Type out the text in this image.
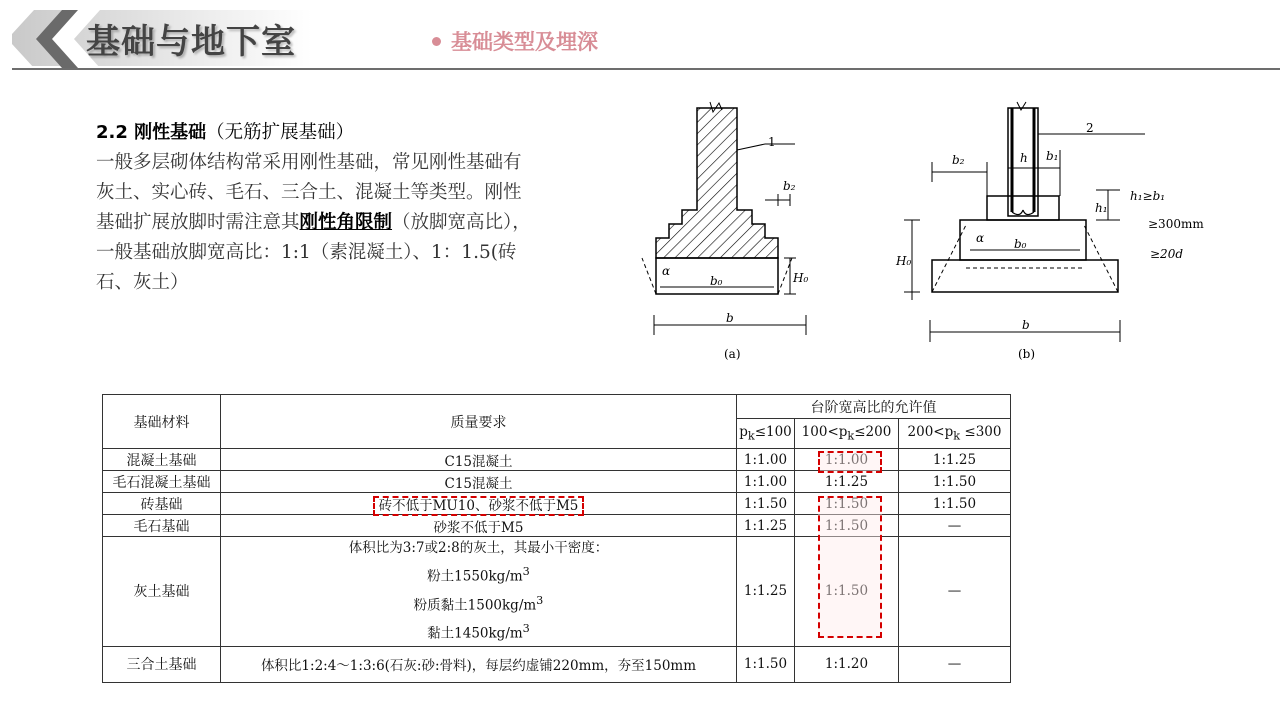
基础与地下室	基础类型及埋深
2.2 刚性基础（无筋扩展基础）
一般多层砌体结构常采用刚性基础，常见刚性基础有
灰土、实心砖、毛石、三合土、混凝土等类型。刚性
基础扩展放脚时需注意其刚性角限制（放脚宽高比），
一般基础放脚宽高比：1:1（素混凝土）、1：1.5(砖
石、灰土）
1
b₂
b₀	H₀
α
b
(a)
2
b₂	h b₁
h₁
b₀
H₀
α
b
(b)
h₁≥b₁
≥300mm
≥20d
基础材料	质量要求	台阶宽高比的允许值		
		$p_k\le 100$	$100<p_k\le 200$	$200<p_k \le 300$
混凝土基础	C15混凝土	1:1.00	1:1.00	1:1.25
毛石混凝土基础	C15混凝土	1:1.00	1:1.25	1:1.50
砖基础	砖不低于MU10、砂浆不低于M5	1:1.50	1:1.50	1:1.50
毛石基础	砂浆不低于M5	1:1.25	1:1.50	—
灰土基础	体积比为3:7或2:8的灰土，其最小干密度：
粉土$1550kg/m^3$
粉质黏土$1500kg/m^3$
黏土$1450kg/m^3$	1:1.25	1:1.50	—
三合土基础	体积比1:2:4～1:3:6(石灰:砂:骨料)，每层约虚铺220mm，夯至150mm	1:1.50	1:1.20	—
